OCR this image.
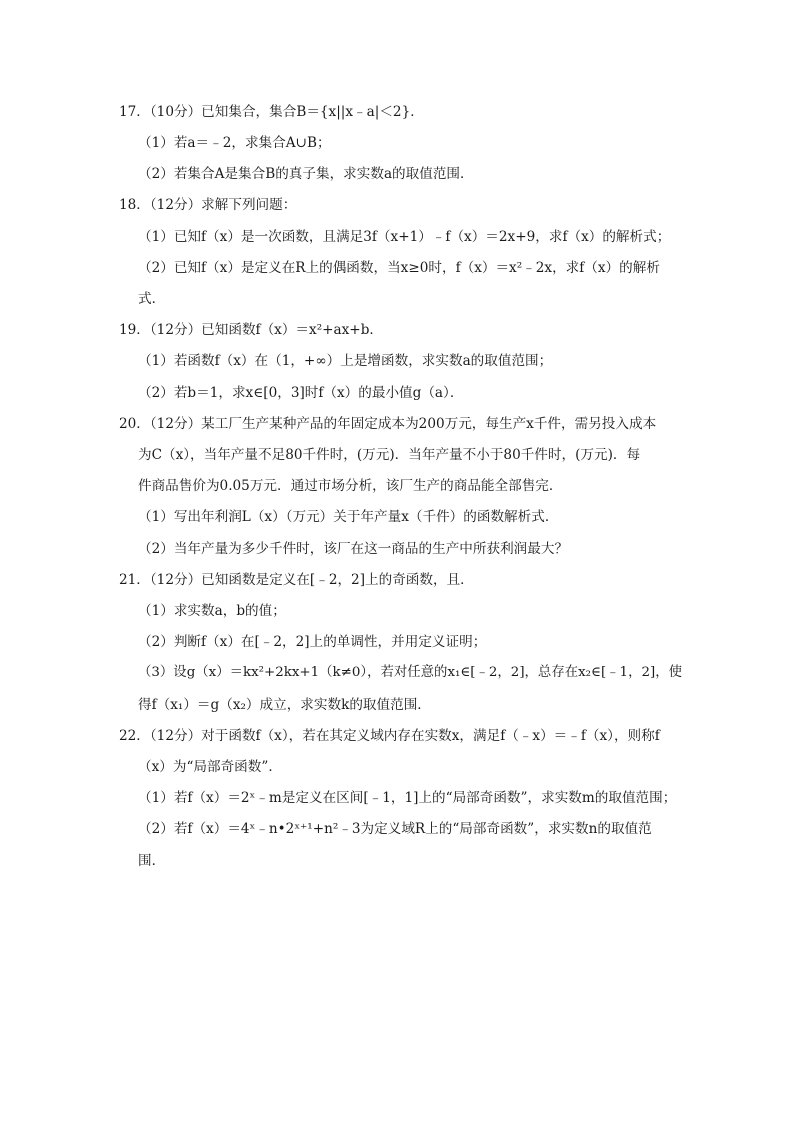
17．（10分）已知集合，集合B＝{x||x﹣a|＜2}．
（1）若a＝﹣2，求集合A∪B；
（2）若集合A是集合B的真子集，求实数a的取值范围．
18．（12分）求解下列问题：
（1）已知f（x）是一次函数，且满足3f（x+1）﹣f（x）＝2x+9，求f（x）的解析式；
（2）已知f（x）是定义在R上的偶函数，当x≥0时，f（x）＝x²﹣2x，求f（x）的解析
式．
19．（12分）已知函数f（x）＝x²+ax+b．
（1）若函数f（x）在（1，+∞）上是增函数，求实数a的取值范围；
（2）若b＝1，求x∈[0，3]时f（x）的最小值g（a）．
20．（12分）某工厂生产某种产品的年固定成本为200万元，每生产x千件，需另投入成本
为C（x），当年产量不足80千件时，(万元)．当年产量不小于80千件时，(万元)．每
件商品售价为0.05万元．通过市场分析，该厂生产的商品能全部售完．
（1）写出年利润L（x）（万元）关于年产量x（千件）的函数解析式．
（2）当年产量为多少千件时，该厂在这一商品的生产中所获利润最大？
21．（12分）已知函数是定义在[﹣2，2]上的奇函数，且．
（1）求实数a，b的值；
（2）判断f（x）在[﹣2，2]上的单调性，并用定义证明；
（3）设g（x）＝kx²+2kx+1（k≠0），若对任意的x₁∈[﹣2，2]，总存在x₂∈[﹣1，2]，使
得f（x₁）＝g（x₂）成立，求实数k的取值范围．
22．（12分）对于函数f（x），若在其定义域内存在实数x，满足f（﹣x）＝﹣f（x），则称f
（x）为“局部奇函数”．
（1）若f（x）＝2ˣ﹣m是定义在区间[﹣1，1]上的“局部奇函数”，求实数m的取值范围；
（2）若f（x）＝4ˣ﹣n•2ˣ⁺¹+n²﹣3为定义域R上的“局部奇函数”，求实数n的取值范
围．
